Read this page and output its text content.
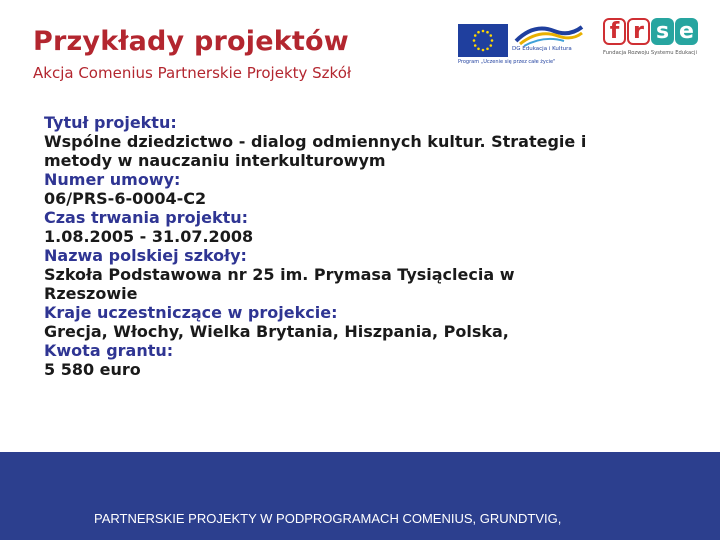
Przykłady projektów
Akcja Comenius Partnerskie Projekty Szkół
DG Edukacja i Kultura
Program „Uczenie się przez całe życie"
f r s e
Fundacja Rozwoju Systemu Edukacji
Tytuł projektu:
Wspólne dziedzictwo - dialog odmiennych kultur. Strategie i
metody w nauczaniu interkulturowym
Numer umowy:
06/PRS-6-0004-C2
Czas trwania projektu:
1.08.2005 - 31.07.2008
Nazwa polskiej szkoły:
Szkoła Podstawowa nr 25 im. Prymasa Tysiąclecia w
Rzeszowie
Kraje uczestniczące w projekcie:
Grecja, Włochy, Wielka Brytania, Hiszpania, Polska,
Kwota grantu:
5 580 euro
PARTNERSKIE PROJEKTY W PODPROGRAMACH COMENIUS, GRUNDTVIG,
